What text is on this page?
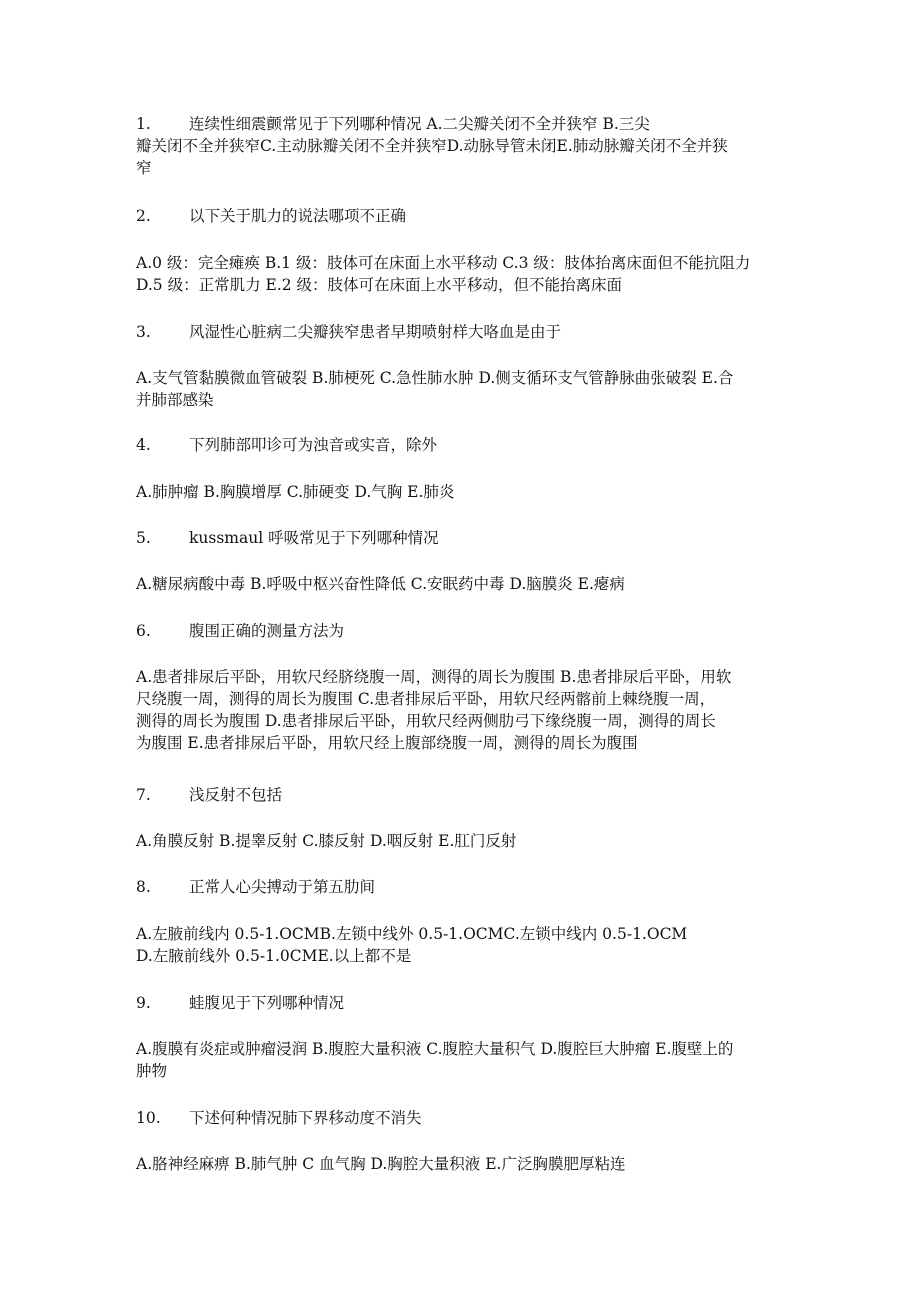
1. 连续性细震颤常见于下列哪种情况 A.二尖瓣关闭不全并狭窄 B.三尖
瓣关闭不全并狭窄C.主动脉瓣关闭不全并狭窄D.动脉导管未闭E.肺动脉瓣关闭不全并狭
窄
2. 以下关于肌力的说法哪项不正确
A.0 级：完全瘫痪 B.1 级：肢体可在床面上水平移动 C.3 级：肢体抬离床面但不能抗阻力
D.5 级：正常肌力 E.2 级：肢体可在床面上水平移动，但不能抬离床面
3. 风湿性心脏病二尖瓣狭窄患者早期喷射样大咯血是由于
A.支气管黏膜微血管破裂 B.肺梗死 C.急性肺水肿 D.侧支循环支气管静脉曲张破裂 E.合
并肺部感染
4. 下列肺部叩诊可为浊音或实音，除外
A.肺肿瘤 B.胸膜增厚 C.肺硬变 D.气胸 E.肺炎
5. kussmaul 呼吸常见于下列哪种情况
A.糖尿病酸中毒 B.呼吸中枢兴奋性降低 C.安眠药中毒 D.脑膜炎 E.瘪病
6. 腹围正确的测量方法为
A.患者排尿后平卧，用软尺经脐绕腹一周，测得的周长为腹围 B.患者排尿后平卧，用软
尺绕腹一周，测得的周长为腹围 C.患者排尿后平卧，用软尺经两髂前上棘绕腹一周，
测得的周长为腹围 D.患者排尿后平卧，用软尺经两侧肋弓下缘绕腹一周，测得的周长
为腹围 E.患者排尿后平卧，用软尺经上腹部绕腹一周，测得的周长为腹围
7. 浅反射不包括
A.角膜反射 B.提睾反射 C.膝反射 D.咽反射 E.肛门反射
8. 正常人心尖搏动于第五肋间
A.左腋前线内 0.5-1.OCMB.左锁中线外 0.5-1.OCMC.左锁中线内 0.5-1.OCM
D.左腋前线外 0.5-1.0CME.以上都不是
9. 蛙腹见于下列哪种情况
A.腹膜有炎症或肿瘤浸润 B.腹腔大量积液 C.腹腔大量积气 D.腹腔巨大肿瘤 E.腹壁上的
肿物
10. 下述何种情况肺下界移动度不消失
A.胳神经麻痹 B.肺气肿 C 血气胸 D.胸腔大量积液 E.广泛胸膜肥厚粘连
